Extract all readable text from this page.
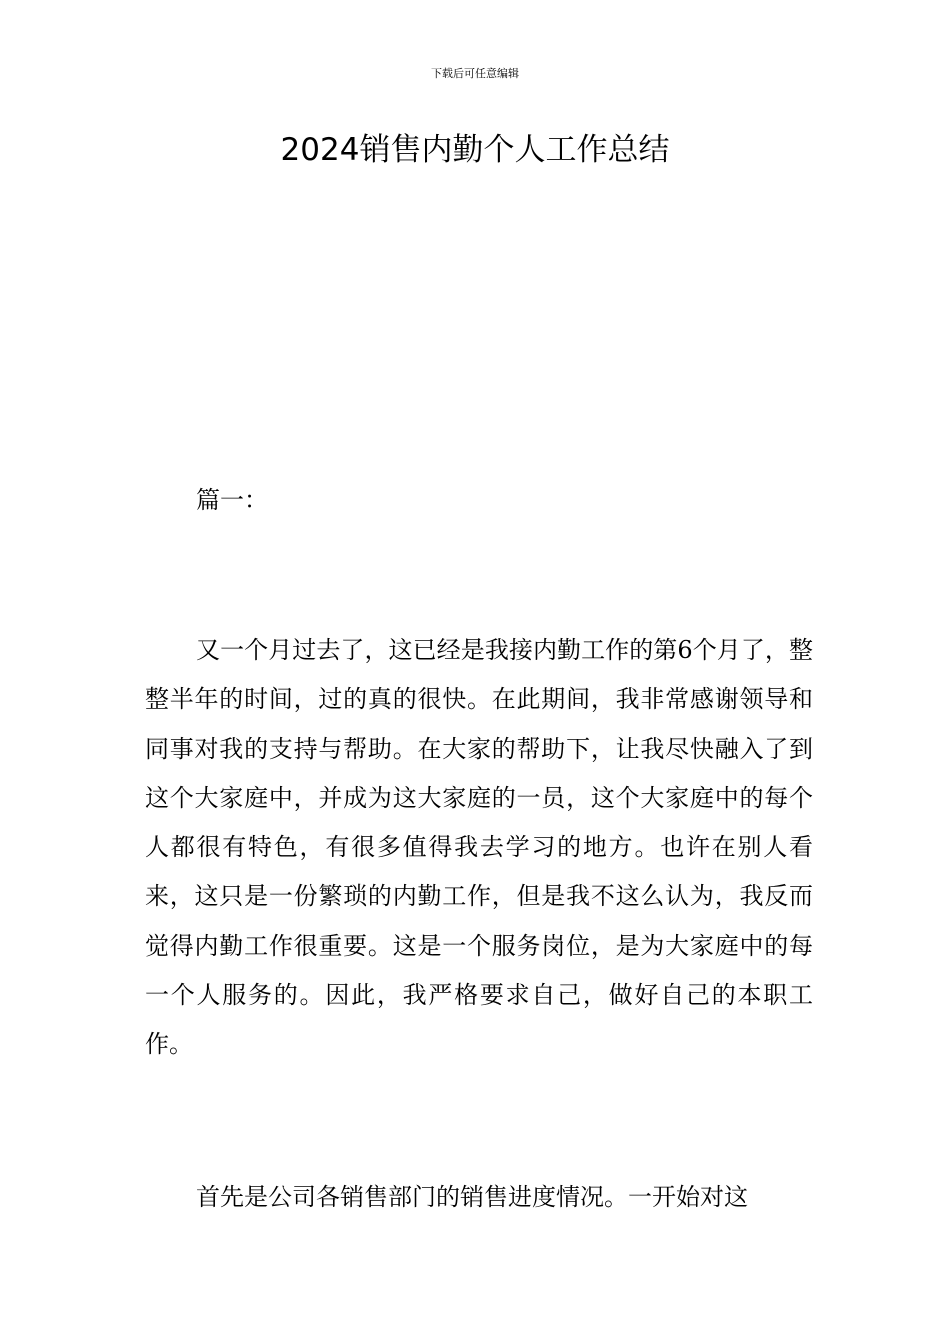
下载后可任意编辑
2024销售内勤个人工作总结

篇一：

又一个月过去了，这已经是我接内勤工作的第6个月了，整整半年的时间，过的真的很快。在此期间，我非常感谢领导和同事对我的支持与帮助。在大家的帮助下，让我尽快融入了到这个大家庭中，并成为这大家庭的一员，这个大家庭中的每个人都很有特色，有很多值得我去学习的地方。也许在别人看来，这只是一份繁琐的内勤工作，但是我不这么认为，我反而觉得内勤工作很重要。这是一个服务岗位，是为大家庭中的每一个人服务的。因此，我严格要求自己，做好自己的本职工作。

首先是公司各销售部门的销售进度情况。一开始对这
